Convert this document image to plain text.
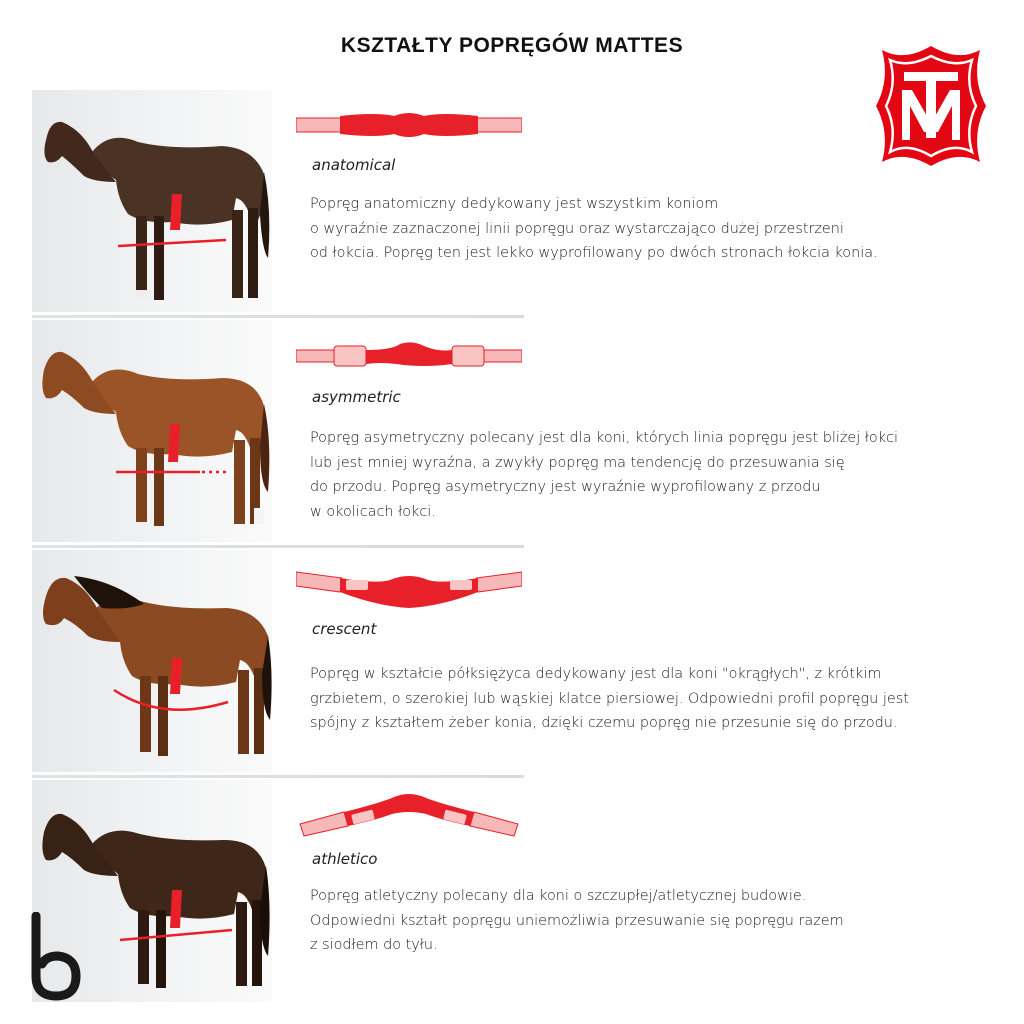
KSZTAŁTY POPRĘGÓW MATTES
anatomical
Popręg anatomiczny dedykowany jest wszystkim koniom
o wyraźnie zaznaczonej linii popręgu oraz wystarczająco dużej przestrzeni
od łokcia. Popręg ten jest lekko wyprofilowany po dwóch stronach łokcia konia.
asymmetric
Popręg asymetryczny polecany jest dla koni, których linia popręgu jest bliżej łokci
lub jest mniej wyraźna, a zwykły popręg ma tendencję do przesuwania się
do przodu. Popręg asymetryczny jest wyraźnie wyprofilowany z przodu
w okolicach łokci.
crescent
Popręg w kształcie półksiężyca dedykowany jest dla koni "okrągłych", z krótkim
grzbietem, o szerokiej lub wąskiej klatce piersiowej. Odpowiedni profil popręgu jest
spójny z kształtem żeber konia, dzięki czemu popręg nie przesunie się do przodu.
athletico
Popręg atletyczny polecany dla koni o szczupłej/atletycznej budowie.
Odpowiedni kształt popręgu uniemożliwia przesuwanie się popręgu razem
z siodłem do tyłu.
